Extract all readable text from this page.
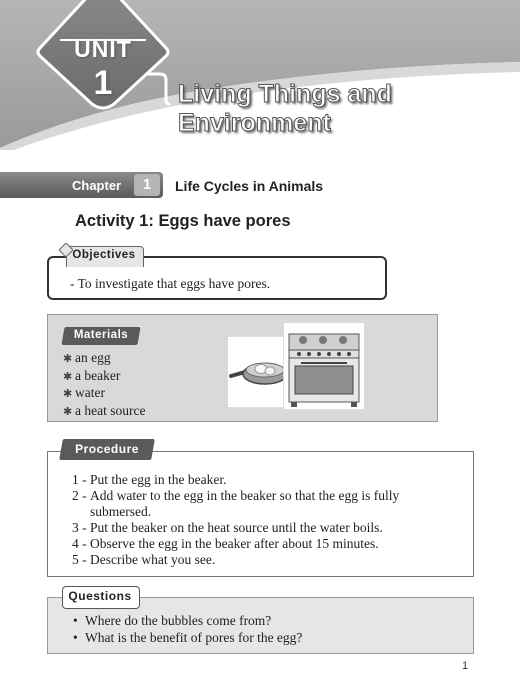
UNIT
1	Living Things and
Environment
Chapter	1	Life Cycles in Animals
Activity 1: Eggs have pores
Objectives
- To investigate that eggs have pores.
Materials
✱ an egg
✱ a beaker
✱ water
✱ a heat source
Procedure
1 - Put the egg in the beaker.
2 - Add water to the egg in the beaker so that the egg is fully submersed.
3 - Put the beaker on the heat source until the water boils.
4 - Observe the egg in the beaker after about 15 minutes.
5 - Describe what you see.
Questions
• Where do the bubbles come from?
• What is the benefit of pores for the egg?
1
